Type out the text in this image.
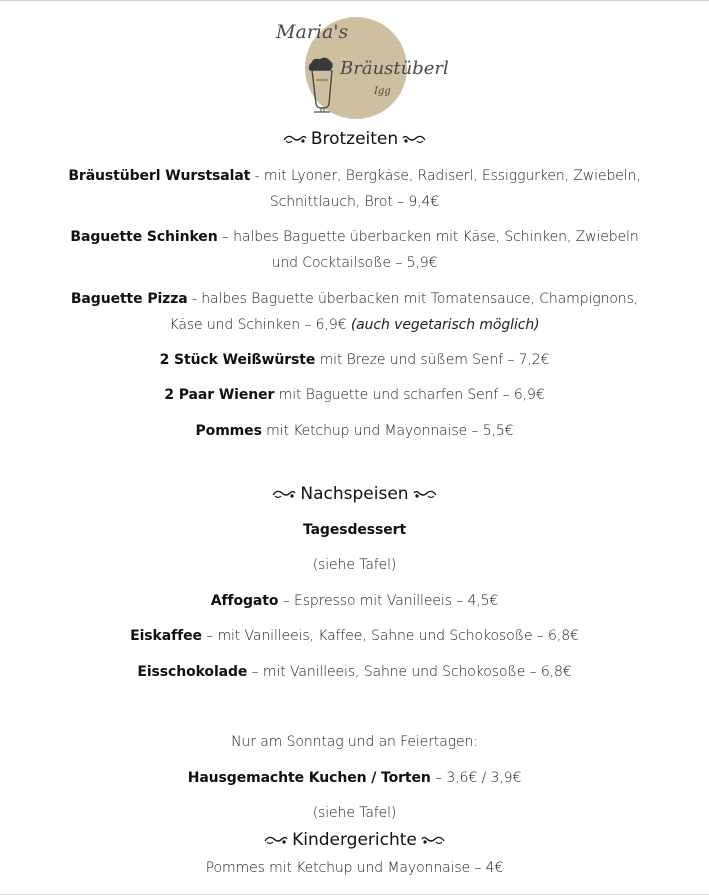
Maria's
Bräustüberl
Igg
Brotzeiten
Bräustüberl Wurstsalat - mit Lyoner, Bergkäse, Radiserl, Essiggurken, Zwiebeln,
Schnittlauch, Brot – 9,4€
Baguette Schinken – halbes Baguette überbacken mit Käse, Schinken, Zwiebeln
und Cocktailsoße – 5,9€
Baguette Pizza - halbes Baguette überbacken mit Tomatensauce, Champignons,
Käse und Schinken – 6,9€ (auch vegetarisch möglich)
2 Stück Weißwürste mit Breze und süßem Senf – 7,2€
2 Paar Wiener mit Baguette und scharfen Senf – 6,9€
Pommes mit Ketchup und Mayonnaise – 5,5€
Nachspeisen
Tagesdessert
(siehe Tafel)
Affogato – Espresso mit Vanilleeis – 4,5€
Eiskaffee – mit Vanilleeis, Kaffee, Sahne und Schokosoße – 6,8€
Eisschokolade – mit Vanilleeis, Sahne und Schokosoße – 6,8€
Nur am Sonntag und an Feiertagen:
Hausgemachte Kuchen / Torten – 3,6€ / 3,9€
(siehe Tafel)
Kindergerichte
Pommes mit Ketchup und Mayonnaise – 4€
